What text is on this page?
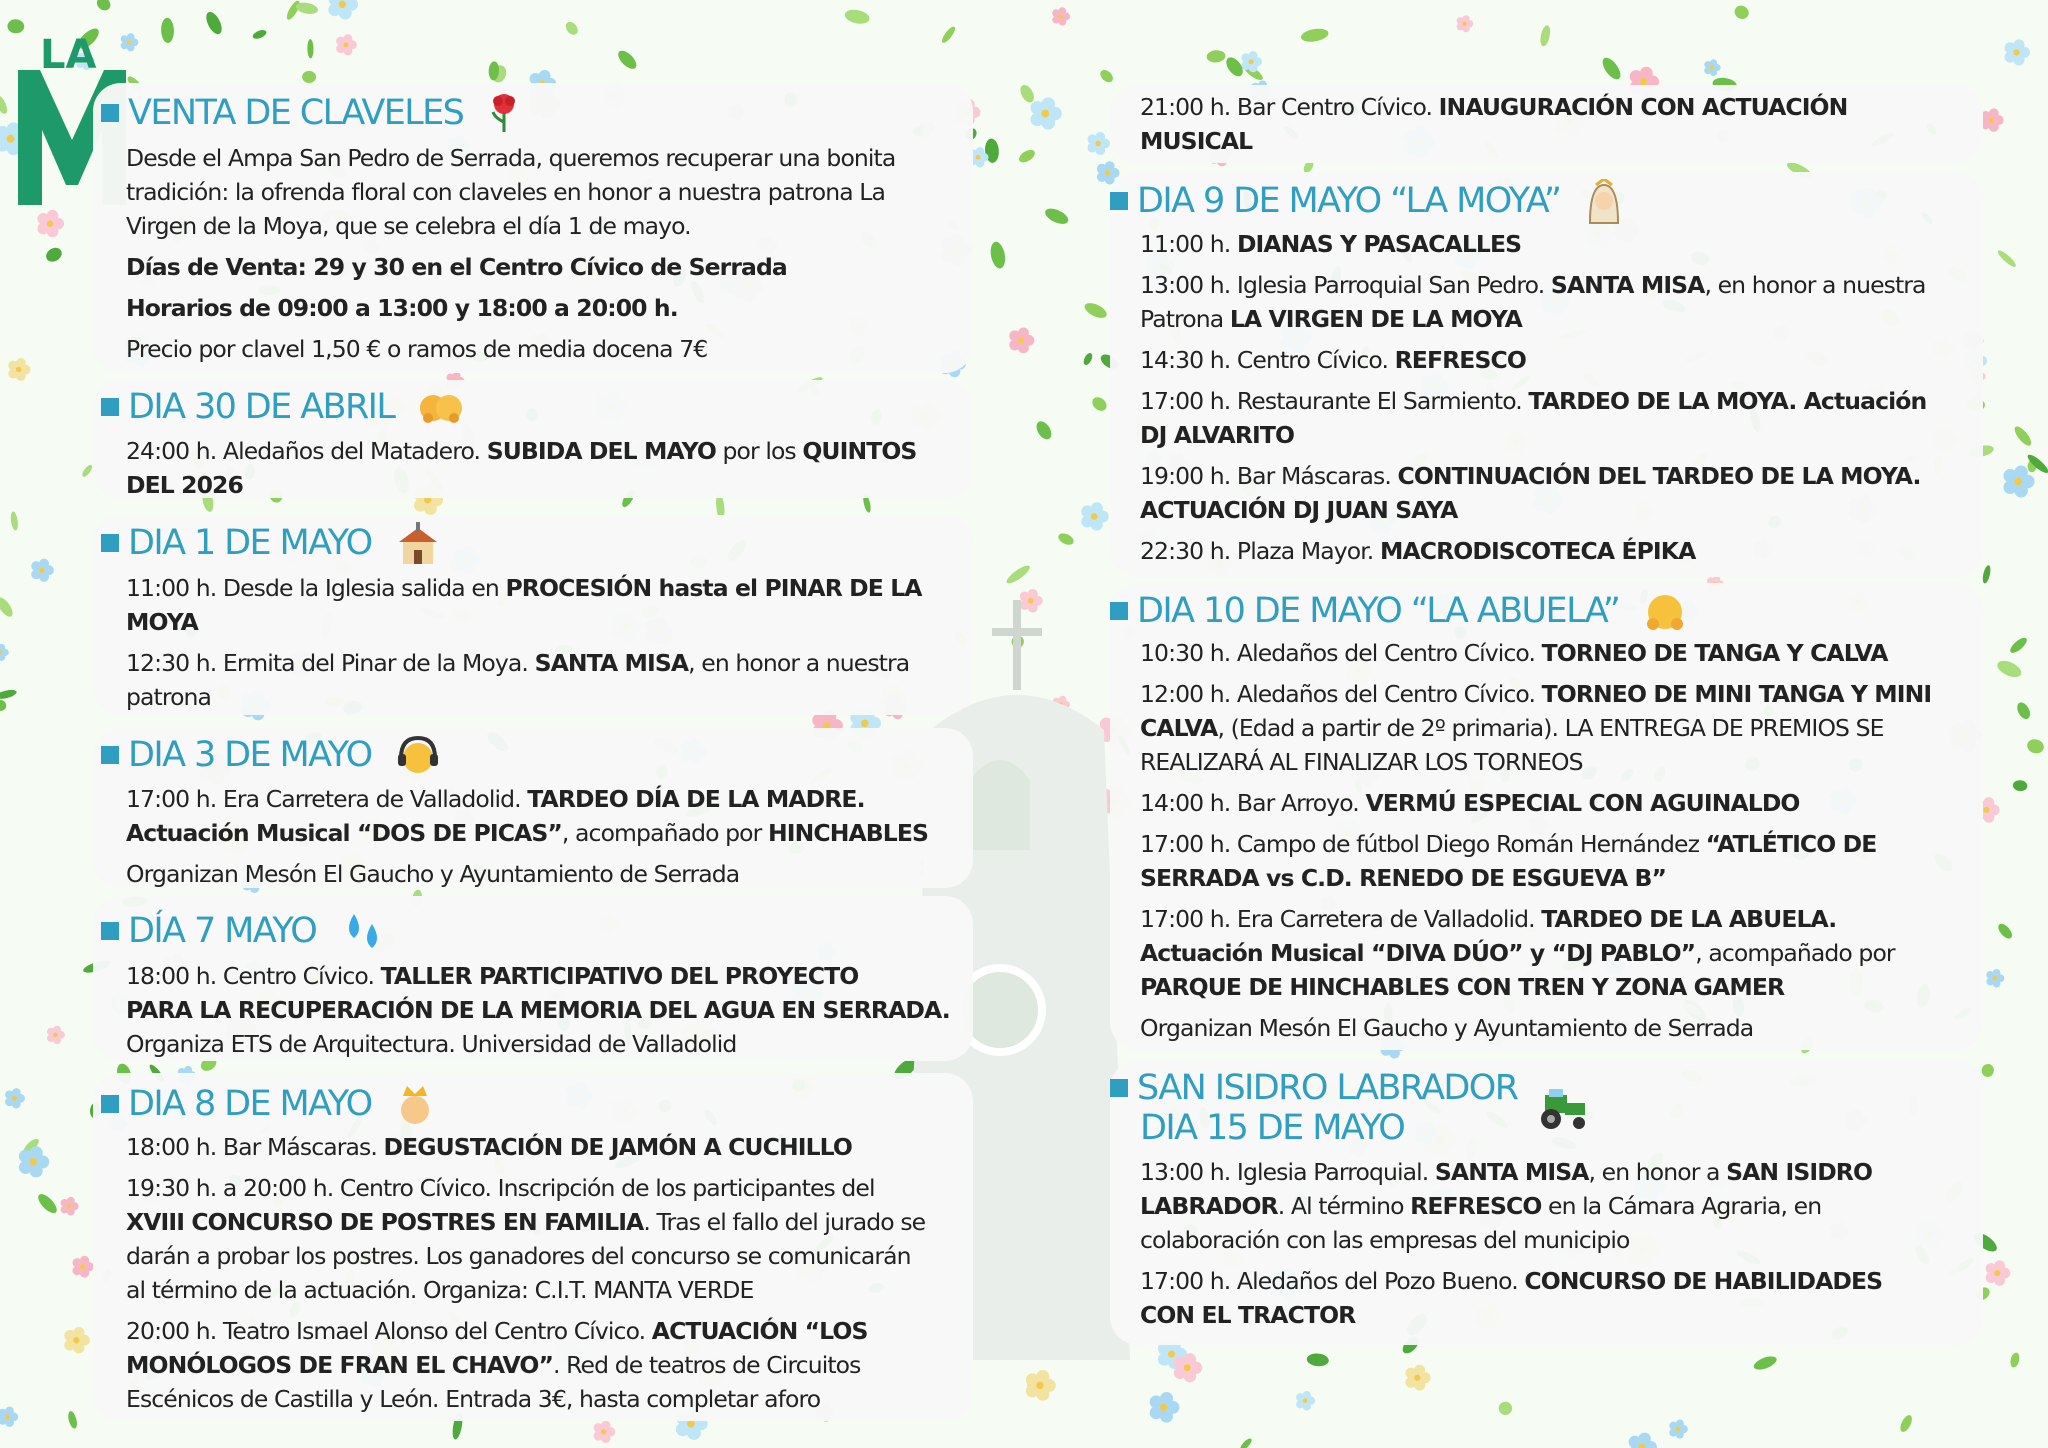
LA
VENTA DE CLAVELES
Desde el Ampa San Pedro de Serrada, queremos recuperar una bonita
tradición: la ofrenda floral con claveles en honor a nuestra patrona La
Virgen de la Moya, que se celebra el día 1 de mayo.
Días de Venta: 29 y 30 en el Centro Cívico de Serrada
Horarios de 09:00 a 13:00 y 18:00 a 20:00 h.
Precio por clavel 1,50 € o ramos de media docena 7€
DIA 30 DE ABRIL
24:00 h. Aledaños del Matadero. SUBIDA DEL MAYO por los QUINTOS
DEL 2026
DIA 1 DE MAYO
11:00 h. Desde la Iglesia salida en PROCESIÓN hasta el PINAR DE LA
MOYA
12:30 h. Ermita del Pinar de la Moya. SANTA MISA, en honor a nuestra
patrona
DIA 3 DE MAYO
17:00 h. Era Carretera de Valladolid. TARDEO DÍA DE LA MADRE.
Actuación Musical “DOS DE PICAS”, acompañado por HINCHABLES
Organizan Mesón El Gaucho y Ayuntamiento de Serrada
DÍA 7 MAYO
18:00 h. Centro Cívico. TALLER PARTICIPATIVO DEL PROYECTO
PARA LA RECUPERACIÓN DE LA MEMORIA DEL AGUA EN SERRADA.
Organiza ETS de Arquitectura. Universidad de Valladolid
DIA 8 DE MAYO
18:00 h. Bar Máscaras. DEGUSTACIÓN DE JAMÓN A CUCHILLO
19:30 h. a 20:00 h. Centro Cívico. Inscripción de los participantes del
XVIII CONCURSO DE POSTRES EN FAMILIA. Tras el fallo del jurado se
darán a probar los postres. Los ganadores del concurso se comunicarán
al término de la actuación. Organiza: C.I.T. MANTA VERDE
20:00 h. Teatro Ismael Alonso del Centro Cívico. ACTUACIÓN “LOS
MONÓLOGOS DE FRAN EL CHAVO”. Red de teatros de Circuitos
Escénicos de Castilla y León. Entrada 3€, hasta completar aforo
21:00 h. Bar Centro Cívico. INAUGURACIÓN CON ACTUACIÓN
MUSICAL
DIA 9 DE MAYO “LA MOYA”
11:00 h. DIANAS Y PASACALLES
13:00 h. Iglesia Parroquial San Pedro. SANTA MISA, en honor a nuestra
Patrona LA VIRGEN DE LA MOYA
14:30 h. Centro Cívico. REFRESCO
17:00 h. Restaurante El Sarmiento. TARDEO DE LA MOYA. Actuación
DJ ALVARITO
19:00 h. Bar Máscaras. CONTINUACIÓN DEL TARDEO DE LA MOYA.
ACTUACIÓN DJ JUAN SAYA
22:30 h. Plaza Mayor. MACRODISCOTECA ÉPIKA
DIA 10 DE MAYO “LA ABUELA”
10:30 h. Aledaños del Centro Cívico. TORNEO DE TANGA Y CALVA
12:00 h. Aledaños del Centro Cívico. TORNEO DE MINI TANGA Y MINI
CALVA, (Edad a partir de 2º primaria). LA ENTREGA DE PREMIOS SE
REALIZARÁ AL FINALIZAR LOS TORNEOS
14:00 h. Bar Arroyo. VERMÚ ESPECIAL CON AGUINALDO
17:00 h. Campo de fútbol Diego Román Hernández “ATLÉTICO DE
SERRADA vs C.D. RENEDO DE ESGUEVA B”
17:00 h. Era Carretera de Valladolid. TARDEO DE LA ABUELA.
Actuación Musical “DIVA DÚO” y “DJ PABLO”, acompañado por
PARQUE DE HINCHABLES CON TREN Y ZONA GAMER
Organizan Mesón El Gaucho y Ayuntamiento de Serrada
SAN ISIDRO LABRADOR
DIA 15 DE MAYO
13:00 h. Iglesia Parroquial. SANTA MISA, en honor a SAN ISIDRO
LABRADOR. Al término REFRESCO en la Cámara Agraria, en
colaboración con las empresas del municipio
17:00 h. Aledaños del Pozo Bueno. CONCURSO DE HABILIDADES
CON EL TRACTOR
